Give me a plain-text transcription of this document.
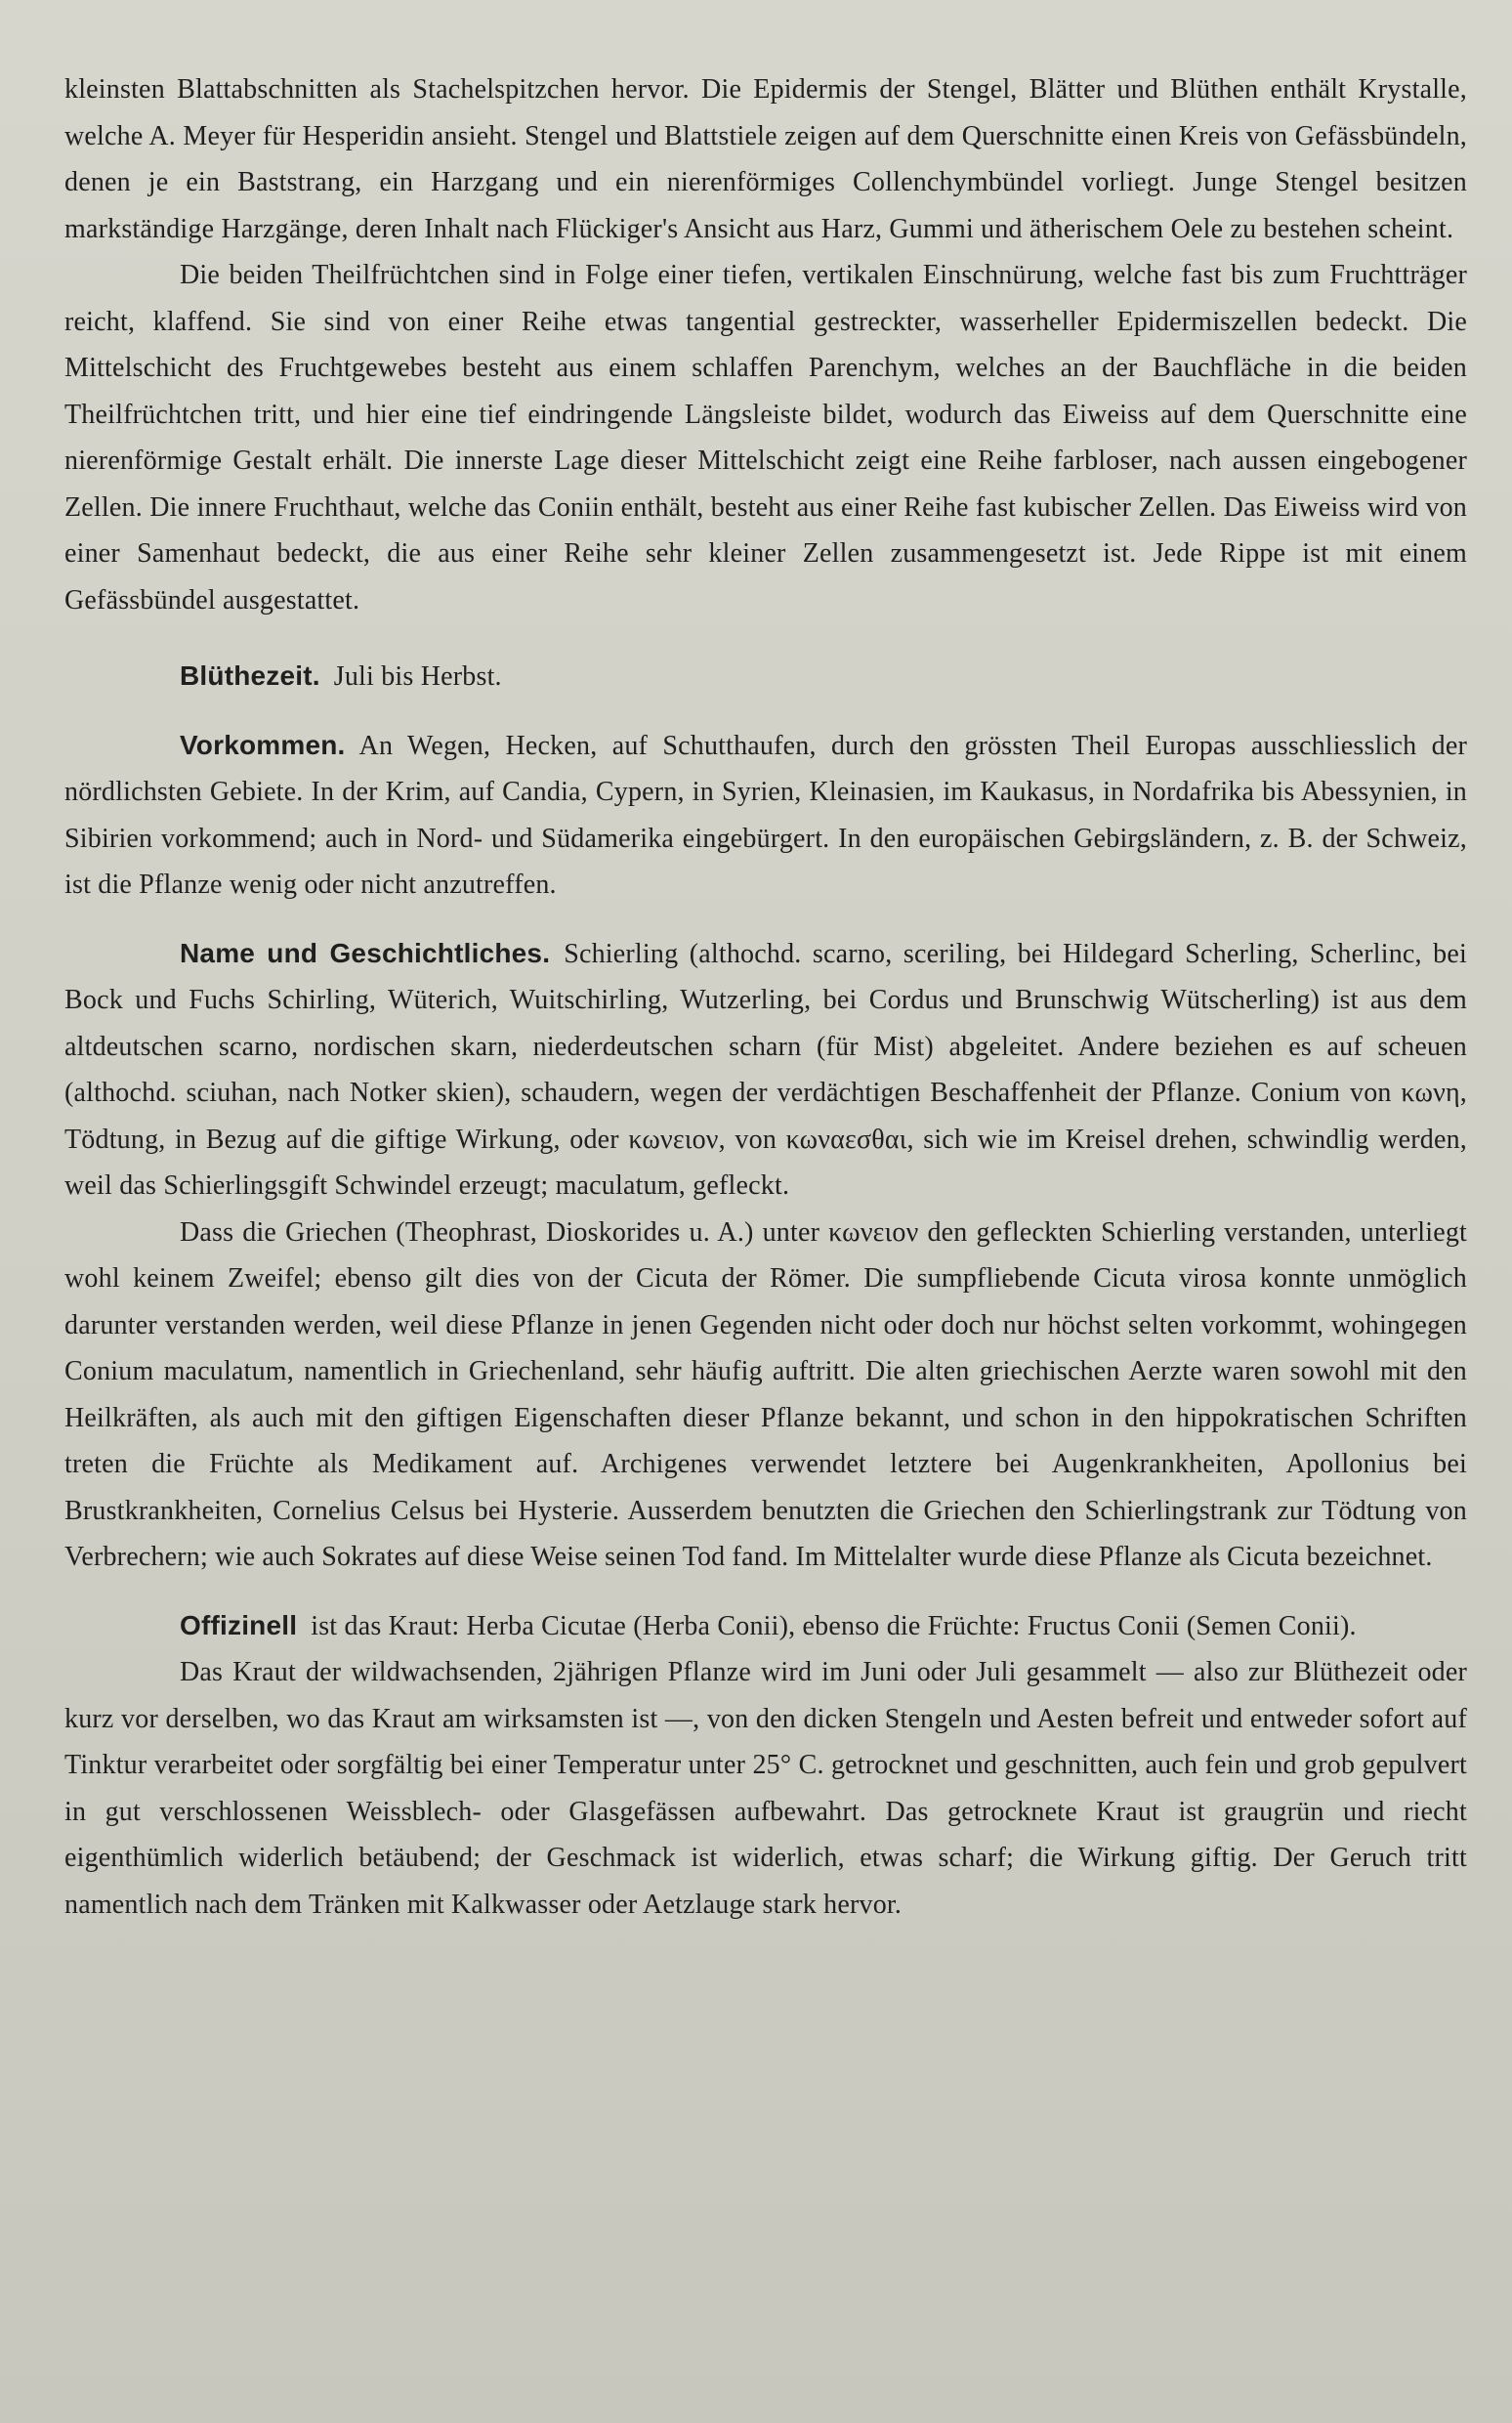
kleinsten Blattabschnitten als Stachelspitzchen hervor. Die Epidermis der Stengel, Blätter und Blüthen enthält Krystalle, welche A. Meyer für Hesperidin ansieht. Stengel und Blattstiele zeigen auf dem Querschnitte einen Kreis von Gefässbündeln, denen je ein Baststrang, ein Harzgang und ein nierenförmiges Collenchymbündel vorliegt. Junge Stengel besitzen markständige Harzgänge, deren Inhalt nach Flückiger's Ansicht aus Harz, Gummi und ätherischem Oele zu bestehen scheint.

Die beiden Theilfrüchtchen sind in Folge einer tiefen, vertikalen Einschnürung, welche fast bis zum Fruchtträger reicht, klaffend. Sie sind von einer Reihe etwas tangential gestreckter, wasserheller Epidermiszellen bedeckt. Die Mittelschicht des Fruchtgewebes besteht aus einem schlaffen Parenchym, welches an der Bauchfläche in die beiden Theilfrüchtchen tritt, und hier eine tief eindringende Längsleiste bildet, wodurch das Eiweiss auf dem Querschnitte eine nierenförmige Gestalt erhält. Die innerste Lage dieser Mittelschicht zeigt eine Reihe farbloser, nach aussen eingebogener Zellen. Die innere Fruchthaut, welche das Coniin enthält, besteht aus einer Reihe fast kubischer Zellen. Das Eiweiss wird von einer Samenhaut bedeckt, die aus einer Reihe sehr kleiner Zellen zusammengesetzt ist. Jede Rippe ist mit einem Gefässbündel ausgestattet.

Blüthezeit. Juli bis Herbst.

Vorkommen. An Wegen, Hecken, auf Schutthaufen, durch den grössten Theil Europas ausschliesslich der nördlichsten Gebiete. In der Krim, auf Candia, Cypern, in Syrien, Kleinasien, im Kaukasus, in Nordafrika bis Abessynien, in Sibirien vorkommend; auch in Nord- und Südamerika eingebürgert. In den europäischen Gebirgsländern, z. B. der Schweiz, ist die Pflanze wenig oder nicht anzutreffen.

Name und Geschichtliches. Schierling (althochd. scarno, sceriling, bei Hildegard Scherling, Scherlinc, bei Bock und Fuchs Schirling, Wüterich, Wuitschirling, Wutzerling, bei Cordus und Brunschwig Wütscherling) ist aus dem altdeutschen scarno, nordischen skarn, niederdeutschen scharn (für Mist) abgeleitet. Andere beziehen es auf scheuen (althochd. sciuhan, nach Notker skien), schaudern, wegen der verdächtigen Beschaffenheit der Pflanze. Conium von κωνη, Tödtung, in Bezug auf die giftige Wirkung, oder κωνειον, von κωναεσθαι, sich wie im Kreisel drehen, schwindlig werden, weil das Schierlingsgift Schwindel erzeugt; maculatum, gefleckt.

Dass die Griechen (Theophrast, Dioskorides u. A.) unter κωνειον den gefleckten Schierling verstanden, unterliegt wohl keinem Zweifel; ebenso gilt dies von der Cicuta der Römer. Die sumpfliebende Cicuta virosa konnte unmöglich darunter verstanden werden, weil diese Pflanze in jenen Gegenden nicht oder doch nur höchst selten vorkommt, wohingegen Conium maculatum, namentlich in Griechenland, sehr häufig auftritt. Die alten griechischen Aerzte waren sowohl mit den Heilkräften, als auch mit den giftigen Eigenschaften dieser Pflanze bekannt, und schon in den hippokratischen Schriften treten die Früchte als Medikament auf. Archigenes verwendet letztere bei Augenkrankheiten, Apollonius bei Brustkrankheiten, Cornelius Celsus bei Hysterie. Ausserdem benutzten die Griechen den Schierlingstrank zur Tödtung von Verbrechern; wie auch Sokrates auf diese Weise seinen Tod fand. Im Mittelalter wurde diese Pflanze als Cicuta bezeichnet.

Offizinell ist das Kraut: Herba Cicutae (Herba Conii), ebenso die Früchte: Fructus Conii (Semen Conii).

Das Kraut der wildwachsenden, 2jährigen Pflanze wird im Juni oder Juli gesammelt — also zur Blüthezeit oder kurz vor derselben, wo das Kraut am wirksamsten ist —, von den dicken Stengeln und Aesten befreit und entweder sofort auf Tinktur verarbeitet oder sorgfältig bei einer Temperatur unter 25° C. getrocknet und geschnitten, auch fein und grob gepulvert in gut verschlossenen Weissblech- oder Glasgefässen aufbewahrt. Das getrocknete Kraut ist graugrün und riecht eigenthümlich widerlich betäubend; der Geschmack ist widerlich, etwas scharf; die Wirkung giftig. Der Geruch tritt namentlich nach dem Tränken mit Kalkwasser oder Aetzlauge stark hervor.
